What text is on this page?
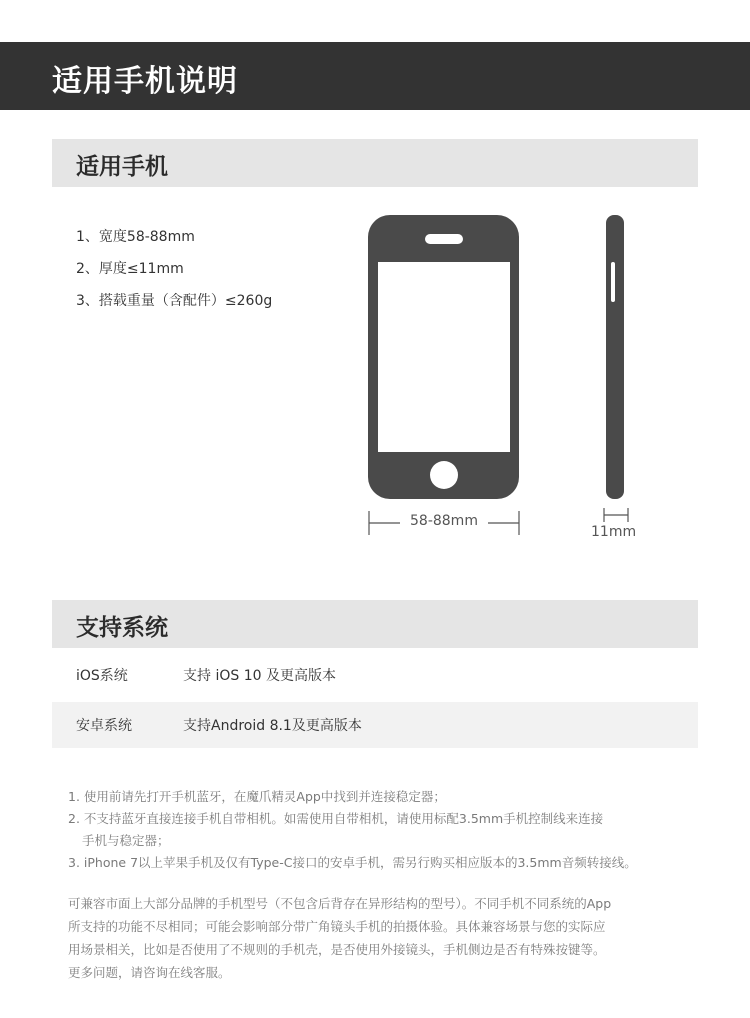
适用手机说明
适用手机
1、宽度58-88mm
2、厚度≤11mm
3、搭载重量（含配件）≤260g
58-88mm
11mm
支持系统
iOS系统	支持 iOS 10 及更高版本
安卓系统	支持Android 8.1及更高版本
1. 使用前请先打开手机蓝牙，在魔爪精灵App中找到并连接稳定器；
2. 不支持蓝牙直接连接手机自带相机。如需使用自带相机，请使用标配3.5mm手机控制线来连接
手机与稳定器；
3. iPhone 7以上苹果手机及仅有Type-C接口的安卓手机，需另行购买相应版本的3.5mm音频转接线。
可兼容市面上大部分品牌的手机型号（不包含后背存在异形结构的型号）。不同手机不同系统的App
所支持的功能不尽相同；可能会影响部分带广角镜头手机的拍摄体验。具体兼容场景与您的实际应
用场景相关，比如是否使用了不规则的手机壳，是否使用外接镜头，手机侧边是否有特殊按键等。
更多问题，请咨询在线客服。
